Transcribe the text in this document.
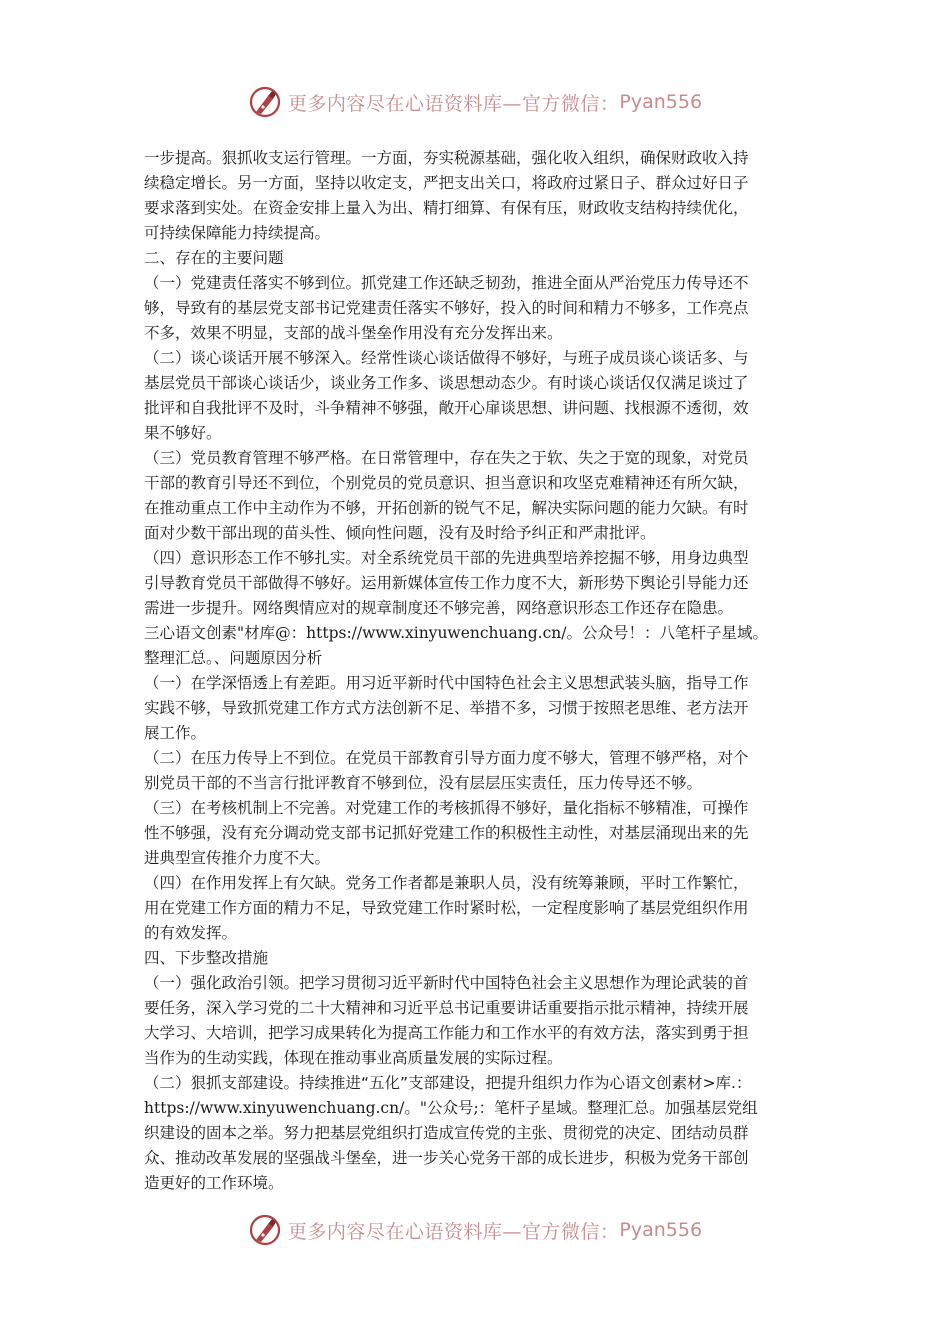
更多内容尽在心语资料库—官方微信： Pyan556
一步提高。狠抓收支运行管理。一方面，夯实税源基础，强化收入组织，确保财政收入持
续稳定增长。另一方面，坚持以收定支，严把支出关口，将政府过紧日子、群众过好日子
要求落到实处。在资金安排上量入为出、精打细算、有保有压，财政收支结构持续优化，
可持续保障能力持续提高。
二、存在的主要问题
（一）党建责任落实不够到位。抓党建工作还缺乏韧劲，推进全面从严治党压力传导还不
够，导致有的基层党支部书记党建责任落实不够好，投入的时间和精力不够多，工作亮点
不多，效果不明显，支部的战斗堡垒作用没有充分发挥出来。
（二）谈心谈话开展不够深入。经常性谈心谈话做得不够好，与班子成员谈心谈话多、与
基层党员干部谈心谈话少，谈业务工作多、谈思想动态少。有时谈心谈话仅仅满足谈过了
批评和自我批评不及时，斗争精神不够强，敞开心扉谈思想、讲问题、找根源不透彻，效
果不够好。
（三）党员教育管理不够严格。在日常管理中，存在失之于软、失之于宽的现象，对党员
干部的教育引导还不到位，个别党员的党员意识、担当意识和攻坚克难精神还有所欠缺，
在推动重点工作中主动作为不够，开拓创新的锐气不足，解决实际问题的能力欠缺。有时
面对少数干部出现的苗头性、倾向性问题，没有及时给予纠正和严肃批评。
（四）意识形态工作不够扎实。对全系统党员干部的先进典型培养挖掘不够，用身边典型
引导教育党员干部做得不够好。运用新媒体宣传工作力度不大，新形势下舆论引导能力还
需进一步提升。网络舆情应对的规章制度还不够完善，网络意识形态工作还存在隐患。
三心语文创素"材库@：https://www.xinyuwenchuang.cn/。公众号！：八笔杆子星域。
整理汇总。、问题原因分析
（一）在学深悟透上有差距。用习近平新时代中国特色社会主义思想武装头脑，指导工作
实践不够，导致抓党建工作方式方法创新不足、举措不多，习惯于按照老思维、老方法开
展工作。
（二）在压力传导上不到位。在党员干部教育引导方面力度不够大，管理不够严格，对个
别党员干部的不当言行批评教育不够到位，没有层层压实责任，压力传导还不够。
（三）在考核机制上不完善。对党建工作的考核抓得不够好，量化指标不够精准，可操作
性不够强，没有充分调动党支部书记抓好党建工作的积极性主动性，对基层涌现出来的先
进典型宣传推介力度不大。
（四）在作用发挥上有欠缺。党务工作者都是兼职人员，没有统筹兼顾，平时工作繁忙，
用在党建工作方面的精力不足，导致党建工作时紧时松，一定程度影响了基层党组织作用
的有效发挥。
四、下步整改措施
（一）强化政治引领。把学习贯彻习近平新时代中国特色社会主义思想作为理论武装的首
要任务，深入学习党的二十大精神和习近平总书记重要讲话重要指示批示精神，持续开展
大学习、大培训，把学习成果转化为提高工作能力和工作水平的有效方法，落实到勇于担
当作为的生动实践，体现在推动事业高质量发展的实际过程。
（二）狠抓支部建设。持续推进“五化”支部建设，把提升组织力作为心语文创素材>库.：
https://www.xinyuwenchuang.cn/。"公众号;：笔杆子星域。整理汇总。加强基层党组
织建设的固本之举。努力把基层党组织打造成宣传党的主张、贯彻党的决定、团结动员群
众、推动改革发展的坚强战斗堡垒，进一步关心党务干部的成长进步，积极为党务干部创
造更好的工作环境。
更多内容尽在心语资料库—官方微信： Pyan556
